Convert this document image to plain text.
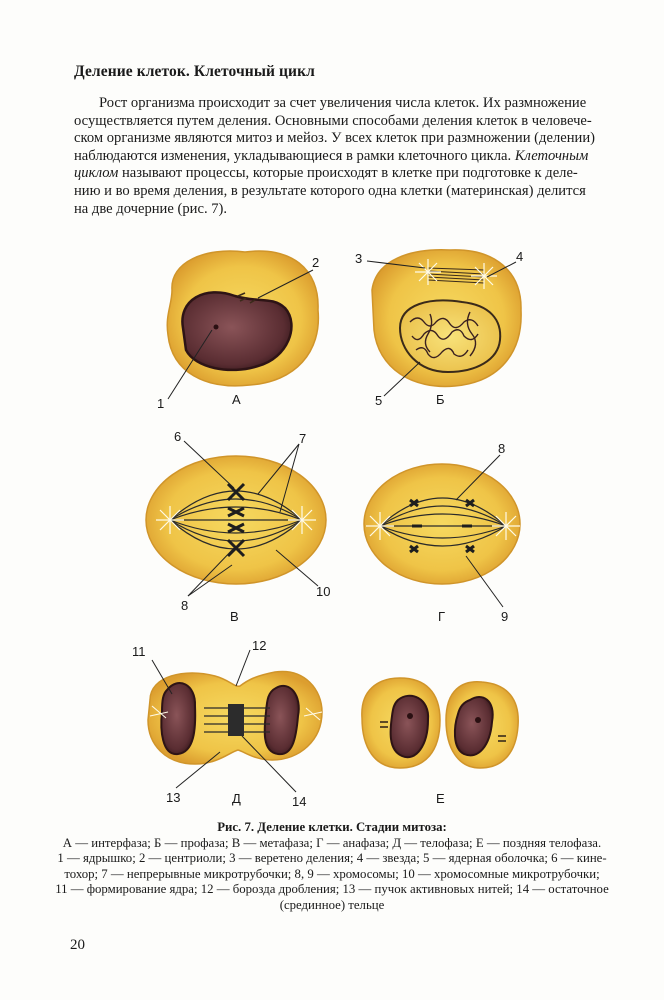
Деление клеток. Клеточный цикл

Рост организма происходит за счет увеличения числа клеток. Их размножение

осуществляется путем деления. Основными способами деления клеток в человече-

ском организме являются митоз и мейоз. У всех клеток при размножении (делении)

наблюдаются изменения, укладывающиеся в рамки клеточного цикла. Клеточным

циклом называют процессы, которые происходят в клетке при подготовке к деле-

нию и во время деления, в результате которого одна клетки (материнская) делится

на две дочерние (рис. 7).

А	Б
В	Г
Д	Е
1
2	3	4
5
6	7
8
8
9
10
11	12
13	14
Рис. 7. Деление клетки. Стадии митоза:
А — интерфаза; Б — профаза; В — метафаза; Г — анафаза; Д — телофаза; Е — поздняя телофаза.
1 — ядрышко; 2 — центриоли; 3 — веретено деления; 4 — звезда; 5 — ядерная оболочка; 6 — кине-
тохор; 7 — непрерывные микротрубочки; 8, 9 — хромосомы; 10 — хромосомные микротрубочки;
11 — формирование ядра; 12 — борозда дробления; 13 — пучок активновых нитей; 14 — остаточное
(срединное) тельце
20
